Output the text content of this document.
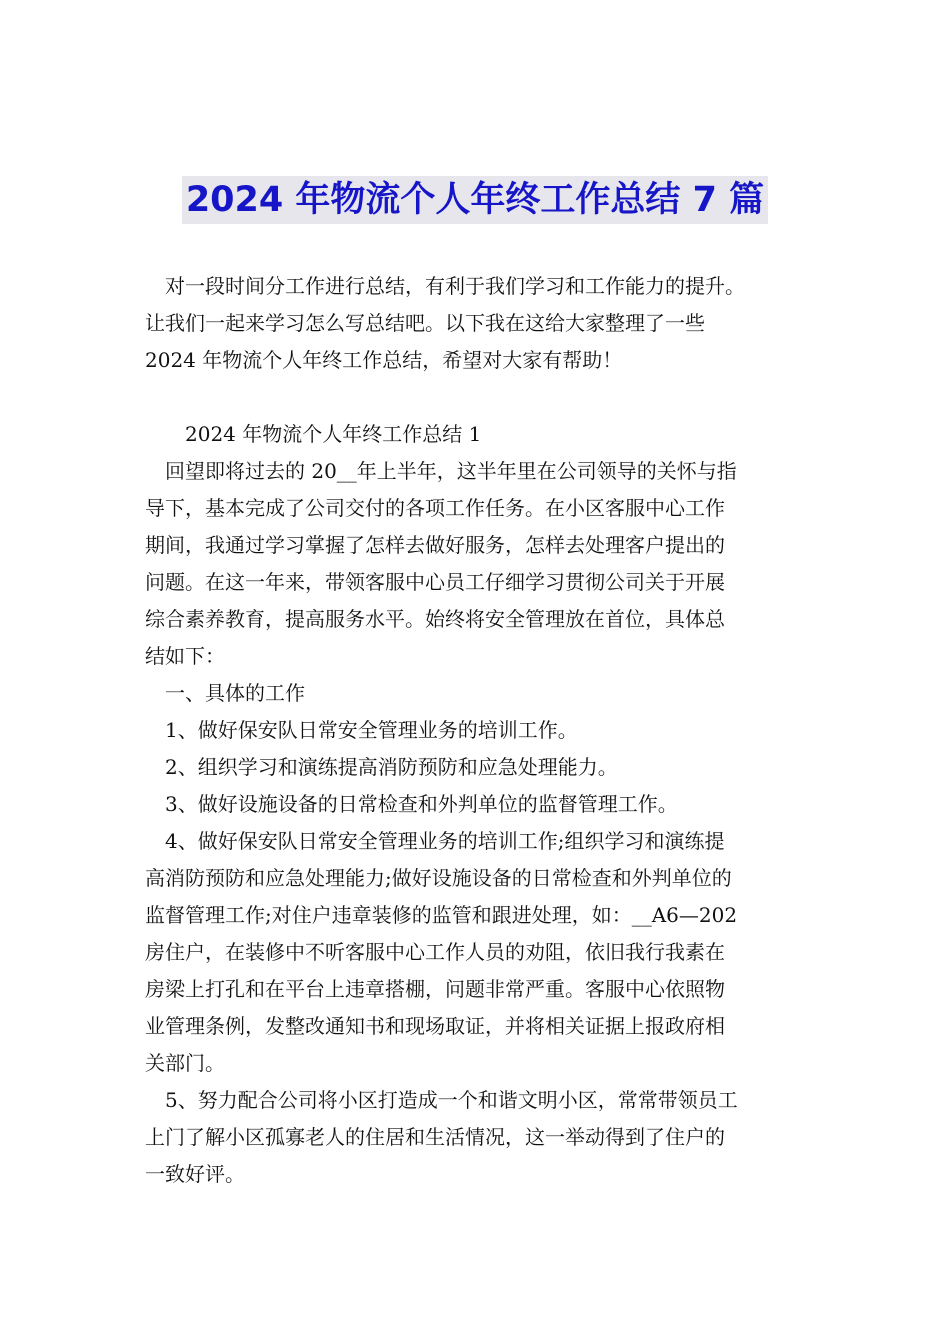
2024 年物流个人年终工作总结 7 篇

　对一段时间分工作进行总结，有利于我们学习和工作能力的提升。

让我们一起来学习怎么写总结吧。以下我在这给大家整理了一些

2024 年物流个人年终工作总结，希望对大家有帮助！

　　2024 年物流个人年终工作总结 1

　回望即将过去的 20__年上半年，这半年里在公司领导的关怀与指

导下，基本完成了公司交付的各项工作任务。在小区客服中心工作

期间，我通过学习掌握了怎样去做好服务，怎样去处理客户提出的

问题。在这一年来，带领客服中心员工仔细学习贯彻公司关于开展

综合素养教育，提高服务水平。始终将安全管理放在首位，具体总

结如下：

　一、具体的工作

　1、做好保安队日常安全管理业务的培训工作。

　2、组织学习和演练提高消防预防和应急处理能力。

　3、做好设施设备的日常检查和外判单位的监督管理工作。

　4、做好保安队日常安全管理业务的培训工作;组织学习和演练提

高消防预防和应急处理能力;做好设施设备的日常检查和外判单位的

监督管理工作;对住户违章装修的监管和跟进处理，如：__A6—202

房住户，在装修中不听客服中心工作人员的劝阻，依旧我行我素在

房梁上打孔和在平台上违章搭棚，问题非常严重。客服中心依照物

业管理条例，发整改通知书和现场取证，并将相关证据上报政府相

关部门。

　5、努力配合公司将小区打造成一个和谐文明小区，常常带领员工

上门了解小区孤寡老人的住居和生活情况，这一举动得到了住户的

一致好评。
